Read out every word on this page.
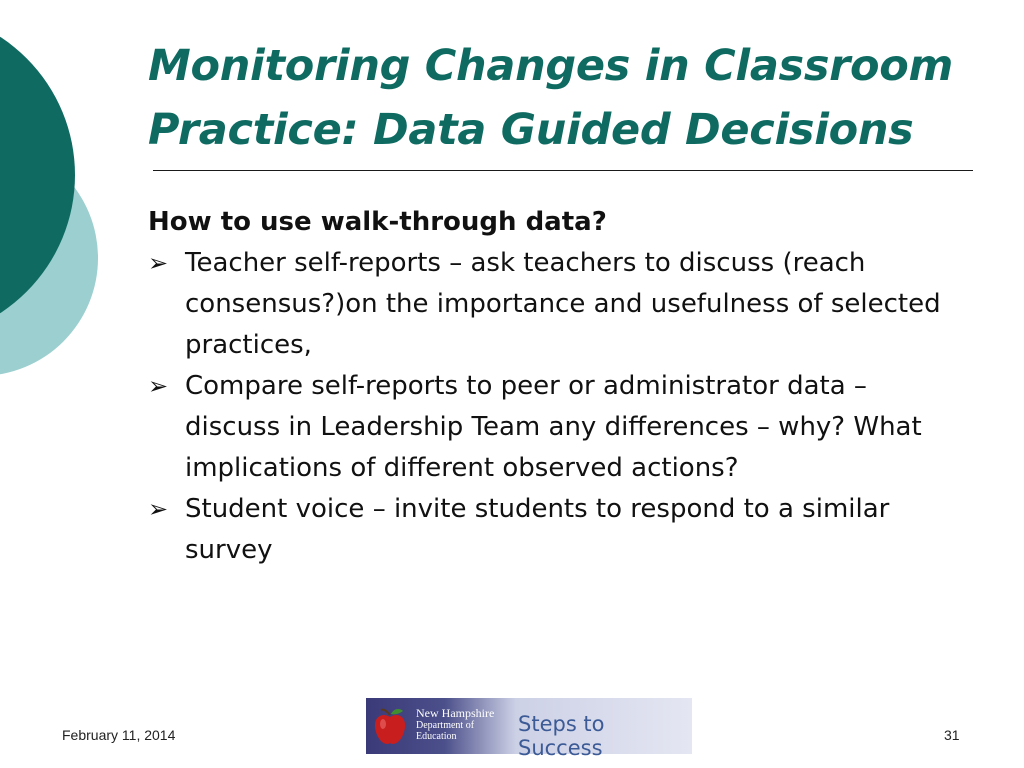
Monitoring Changes in Classroom Practice: Data Guided Decisions

How to use walk-through data?

➢ Teacher self-reports – ask teachers to discuss (reach consensus?)on the importance and usefulness of selected practices,
➢ Compare self-reports to peer or administrator data – discuss in Leadership Team any differences – why? What implications of different observed actions?
➢ Student voice – invite students to respond to a similar survey
February 11, 2014
New Hampshire
Department of
Education
Steps to Success
31
